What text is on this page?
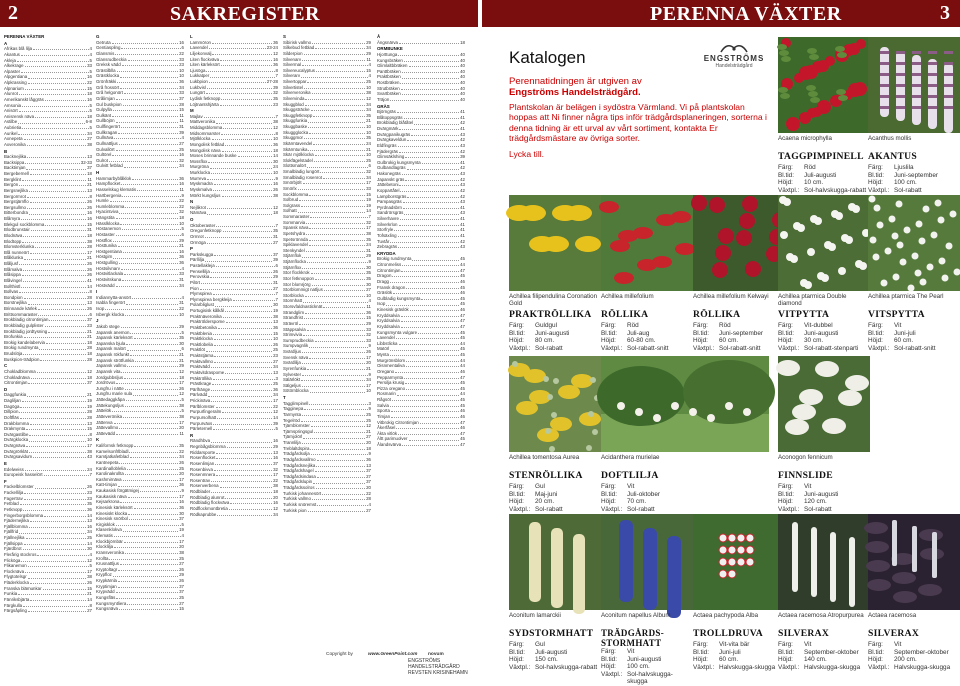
2	SAKREGISTER	PERENNA VÄXTER	3
PERENNA VÄXTER
A
Afrikas blå lilja	4
Akantus	4
Akleja	5
Alkekrage	33
Alpaster	5
Alpgentiana	16
Alpkrassing	22
Alpnarium	15
Alunrot	18
Amerikanskt låggräs	16
Amsonia	5
Anisört	5
Anisrensk näva	18
Astilbe	6-8
Aubrietia	5
Aurikel	34
Axnepeta	27
Axveronika	38
B
Backnejlika	13
Backsippa	32-33
Backtimjan	37
Bergebernell	18
Bergklint	11
Bergön	21
Bergsnejlika	13
Bergormrot	8
Bergstjärnflo	26
Bergsullmo	26
Bitterbondra	16
Blåmyra	16
Blekgul sockblomma	15
Blodbrunstair	31
Blodnäva	18
Blodtopp	38
Blomsterklunka	28
Blå nunneört	17
Blåklunka	21
Blåljusf	26
Blåmalva	26
Blåsippa	26
Blåvingel	41
Bollthistl	14
Bollvas	8
Bondpion	28
Borstnejlika	13
Brinnande kärlek	26
Brittsommaraster	6
Brokbladig citrontimjan	37
Brokbladig gulplister	23
Brokbladig jordtysning	21
Brofunkia	21
Brokig kandelabervia	18
Brokig rundmynta	28
Brudslöja	18
Buskpion-trädpion	28
C
Chokladblomma	12
Chokladnäva	18
Citrontimjan	37
D
Daggfunkia	21
Dagliljan	19
Dagöga	19
Dillpion	28
Doftfläs	28
Drakblomma	13
Drakmynta	15
Dvärgastilbe	8
Dvärgklocka	10
Dvärgnäva	17
Dvärgrörklät	38
Dvärgsavidum	43
E
Edelweiss	24
Europeisk hasselört	7
F
Fackelblomster	26
Fackellilja	23
Fagertrav	23
Fetblad	35
Fetknopp	36
Fingerborgsblomma	14
Fjädernejlika	13
Fjällblomma	16
Fjällfrid	34
Fjällnejlika	25
Fjällsippa	14
Fjärdbrot	30
Flerårig stockros	4
Flicköga	12
Flikanemon	5
Flocknäva	17
Flygtotelsgr	38
Fläderklocka	26
Franska blämunkar	15
Funkia	21
Fänriksbjärta	14
Färgkulla	8
Färgsåpling	27
G
Getruta	16
Gentiaspling	6
Glansmis	22
Glansrudbeckia	33
Greksk vädd	23
Grästilblla	10
Grästklocka	10
Grönfräkki	36
Grå frossört	34
Grå helgonört	33
Grålimjan	37
Gul buskpion	28
Gulpylla	15
Gulkänt	11
Gullböjön	11
Gullfingerört	31
Gullkragan	39
Gullnäva	4
Gullnattljus	27
Gulvallört	25
Gultörel	16
Gulrot	32
Gulvitt fetblad	34
H
Hammarbyblåklok	36
Hampflocket	16
Hasselskug klematis	11
Hartbergenia	9
Humle	22
Humleblomma	22
Hyacintviva	32
Hängstita	18
Hässlklocka	10
Höstanemon	5
Höstaster	6
Höstflox	29
Hösttunika	21
Höstgentiana	16
Höstgirn	36
Höstgulling	36
Höstsilvnarv	4
Höstvitlackala	33
Höstvitskuna	31
Höstvädd	34
I
Indiannytta-ansört	4
Isabla fingerört	31
Isop	22
Isbergk klocka	10
J
Jakob stege	29
Japansk anemon	5
Japansk kärleksört	35
Japanska bjula	30
Japansk malört	6
Japansk rökfunkt	21
Japansk strötfunkia	21
Japansk vallmo	29
Japansk vita	12
Jordgubbsljus	18
Jordrövus	17
Jungfru i nätte	26
Jungfru marie sula	12
Jättedaggkåpa	5
Jättekungsljus	38
Jättelök	5
Jätteverönika	38
Jättenva	17
Jättevallmo	20
Jättevädd	11
K
Kalifornsk fetknopp	35
Kamelsonfrlbladl	22
Kamtjatkafetblad	34
Kantnepeta	26
Kardinalloblelia	25
Karolinakrollta	20
Kashmirnäva	17
Katt-timjan	36
Kaukasisk förgätmigej	9
Kaukasisk näva	17
Kejsarkrona	16
Kinesisk kärleksört	36
Kinesiskt klocka	30
Kinesisk snörbol	37
Kirgisklok	5
Klasenklokva	19
Klematis	4
Klockbjörnbär	17
Klocklilja	20
Kransveronika	38
Krollta	25
Krusnattljus	27
Kryptoltagr	26
Krypfloz	29
Krypkärnla	26
Kryptimjan	37
Krypvädd	37
Kungsfläs	25
Kungsmyntliera	27
Kungsnäva	15
L
Lammöron	36
Lavendel	23-24
Liljekonvalj	12
Liten flockväva	16
Liten kärleksört	36
Ljusöga	8
Lukkatper	7
Lukbpion	27-28
Lukbvisl	39
Lungört	32
Lydisk fetknopp	35
Löjtnantshjärta	23
M
Majlav	7
Mattveronika	38
Middagsblomma	12
Midsommarster	8
Mjölklocka	10
Mongolisk fetblad	36
Mongolisk näva	18
Moses brinnande buske	14
Mossflox	30
Murgröna	24
Murklocka	10
Murreva	9
Myskmadra	16
Myskmalva	26
Mörkt kungsljus	38
N
Nejlikrot	12
Nämäva	18
O
Oktoberaster	7
Oregonfetknopp	35
Ormrot	31
Ormöga	27
P
Parkskugga	37
Pärllilja	39
Pastellakleja	6
Pensellilja	26
Perovskia	29
Pilört	31
Pion	27
Plymspirea	7
Plymspirea bergkleija	7
Polarbliglust	30
Portugisisk kålkål	19
Praktnäveronika	38
Praktrölderspome	13
Praktbetonika	36
Praktblenia	15
Praktklocka	10
Praktlobelia	26
Praktlöt	25
Praktstjärna	23
Praktvallmo	27
Praktvädd	34
Praktvitdraspome	13
Präktröllika	3
Prästkrage	25
Pärlhänge	36
Pärlvädd	34
Prickinäva	17
Pärlblomster	22
Purpurfingeralm	12
Purpursolhatt	14
Purpurväxs	39
Pärleternell	5
R
Rändhbva	16
Regnbågsblomma	29
Riddarsporte	13
Rosenflocket	16
Rosenlimjan	37
Rosenbivva	32
Rosenmnera	17
Rosentrav	22
Rosenverbena	38
Rödblader	18
Rödbladig alunrot	20
Rödbladig flockväva	16
Rödflockmontbretia	12
Rödkaprubbe	34
S
Sibirisk vallmo	29
Silkebud fetblad	34
Silderpion	29
Silvenarv	11
Silvermal	4
Silvereucalyptus	15
Silverarv	4
Silvertoppar	25
Silvertistel	10
Silververonika	38
Silvervinda	12
Skuggblod	34
Skuggsträcke	34
Skuggfetknopp	35
Skuggfunkia	21
Skuggbaske	10
Skuggglocka	10
Skuggmor	35
Skärmtavendel	24
Skärmtunika	21
Skär mjölklocka	10
Slokfägelstadel	25
Slottsmalört	6
Smalbladig lungört	32
Smalbladig rosenrot	34
Smörbjölt	17
Smörlx	33
Sockblomma	15
Solbrud	19
Solgrass	19
Solhatt	14
Sommaraster	7
Sommarvia	32
Spansk näva	17
Spetshydra	38
Spetsrönnda	35
Spiklavendel	24
Stenkyndel	31
Stjärnflok	29
Stjärnflocka	9
Stjärnflox	30
Stor flockkrok	35
Stor fetknoppon	35
Stor blomrjörg	30
Storblommigt natljus	27
Storblocka	10
Stormhatt	4
Storsvfaldnasticknät	11
Strandglim	36
Strandfrist	15
Strävröl	29
Stäppsalvia	33
Strimvivia	32
Sumprudbeckia	33
Sumpvagnlik	9
Svärdljus	26
Svensk näva	17
Svärdlilja	20
Syrenfunkia	21
Sylvester	9
Sälärlökt	34
Sälgeljus	17
Sötörnblocka	10
T
Tagglimpinell	3
Tagginepa	9
Tarmynta	25
Tegelröd	25
Tjärnblomster	12
Tjärnspringsgul	21
Tjärnjolörl	27
Trannlilja	20
Treblaltdspira	18
Trädgårdsolja	9
Trädgårdsvallmo	36
Trädgårdsnejlika	13
Trädgårdshagel	37
Trädgårdsindasa	27
Trädgårdslupin	37
Trädgårdssolros	20
Turkisk johannesört	22
Turkisk vallmo	28
Turkisk snöremst	4
Turkisk pion	27
Å
Ängsnärva	18
ORMBUNKE
Hjorttunga	40
Kungsbräken	40
Glimlaltbbräken	40
Panttbräken	40
Praktbräken	40
Rostbräken	40
Strutbräken	40
Svartbräken	40
Träjon	40
GRÄS
Björngräs	41
Blåtoppsgräs	41
Brokbladig blåtåtel	42
Dvärgmärk	41
Dvärgpanikugräs	43
Dvärgkaveldun	42
Eldfingräs	43
Fjädergräs	42
Glimsäklshing	39
Gulbrokig kungsmynta	41
Gulbandlagräs	42
Hakonegräs	43
Japanskt gräs	42
Jättebetoni	43
Koppartåtel	42
Lampborstgräs	42
Pampasgräs	43
Pyrdnadsbrn	41
Sandrörsgräs	43
Silverhavre	41
Silverkrlon	41
Storfryle	41
Tofsäxling	41
Tuvtår	42
Zebragräs	43
KRYDDA
Brokig rundmynta	45
Citronmeliss	44
Citrontimjan	47
Dragon	45
Dragg	46
Fransk dragon	45
Gräslök	46
Gulbladig kungsmynta	45
Isop	45
Kinesisk gräslök	46
Kryddsalvia	47
Kryddsalvia	47
Kryddsalvia	47
Kungsmynta vulgare	45
Lavendel	45
Libbstlicka	44
Matörl	45
Mynta	45
Murgrönsblom	44
Oisnmentaliva	44
Oregano	46
Pepparmynta	47
Persilja krusig	45
Pizza oregano	45
Rosmarin	44
Rågsöt	45
Salvia	45
Sporta	46
Timjan	46
Vitbrokig Citrontimjan	47
Åkerfåsel	46
Äkta vitlök	47
Ältt parimuolver	45
Ålandsvärva	47
Katalogen	ENGSTRÖMS
Handelsträdgård
Perennatidningen är utgiven av
Engströms Handelsträdgård.
Plantskolan är belägen i sydöstra Värmland. Vi på plantskolan hoppas att Ni finner några tips inför trädgårdsplaneringen, sorterna i denna tidning är ett urval av vårt sortiment, kontakta Er trädgårdsmästare av övriga sorter.
Lycka till.
Acaena microphylla
TAGGPIMPINELL
Färg:	Röd
Bl.tid:	Juli-augusti
Höjd:	10 cm.
Växtpl.: Sol-halvskugga-rabatt
Acanthus mollis
AKANTUS
Färg:	Ljuslila
Bl.tid:	Juni-september
Höjd:	100 cm.
Växtpl.: Sol-rabatt
Achillea filipendulina Coronation Gold
PRAKTRÖLLIKA
Färg:	Guldgul
Bl.tid:	Juni-augusti
Höjd:	80 cm.
Växtpl.: Sol-rabatt
Achillea millefolium
RÖLLIKA
Färg:	Röd
Bl.tid:	Juli-aug
Höjd:	60-80 cm.
Växtpl.: Sol-rabatt-snitt
Achillea millefolium Kelwayi
RÖLLIKA
Färg:	Röd
Bl.tid:	Juni-september
Höjd:	60 cm.
Växtpl.: Sol-rabatt-snitt
Achillea ptarmica Double diamond
VITPYTTA
Färg:	Vit-dubbel
Bl.tid:	Juni-augusti
Höjd:	30 cm.
Växtpl.: Sol-rabatt-stenparti
Achillea ptarmica The Pearl
VITSPYTTA
Färg:	Vit
Bl.tid:	Juni-juli
Höjd:	60 cm.
Växtpl.: Sol-rabatt-snitt
Achillea tomentosa Aurea
STENRÖLLIKA
Färg:	Gul
Bl.tid:	Maj-juni
Höjd:	20 cm.
Växtpl.: Sol-rabatt
Acidanthera murielae
DOFTLILJA
Färg:	Vit
Bl.tid:	Juli-oktober
Höjd:	70 cm.
Växtpl.: Sol-rabatt
Aconogon fennicum
FINNSLIDE
Färg:	Vit
Bl.tid:	Juni-augusti
Höjd:	120 cm.
Växtpl.: Sol-rabatt
Aconitum lamarckii
SYDSTORMHATT
Färg:	Gul
Bl.tid:	Juli-augusti
Höjd:	150 cm.
Växtpl.: Sol-halvskugga-rabatt
Aconitum napellus Album
TRÄDGÅRDS-STORMHATT
Färg:	Vit
Bl.tid:	Juni-augusti
Höjd:	100 cm.
Växtpl.: Sol-halvskugga-skugga
Actaea pachypoda Alba
TROLLDRUVA
Färg:	Vit-vita bär
Bl.tid:	Juni-juli
Höjd:	60 cm.
Växtpl.: Halvskugga-skugga
Actaea racemosa Atropurpurea
SILVERAX
Färg:	Vit
Bl.tid:	September-oktober
Höjd:	140 cm.
Växtpl.: Halvskugga-skugga
Actaea racemosa
SILVERAX
Färg:	Vit
Bl.tid:	September-oktober
Höjd:	200 cm.
Växtpl.: Halvskugga-skugga
Copyright by	www.GreenPoint.com novum
ENGSTRÖMS HANDELSTRÄDGÅRD
REVSTEN KRISINEHAMN
